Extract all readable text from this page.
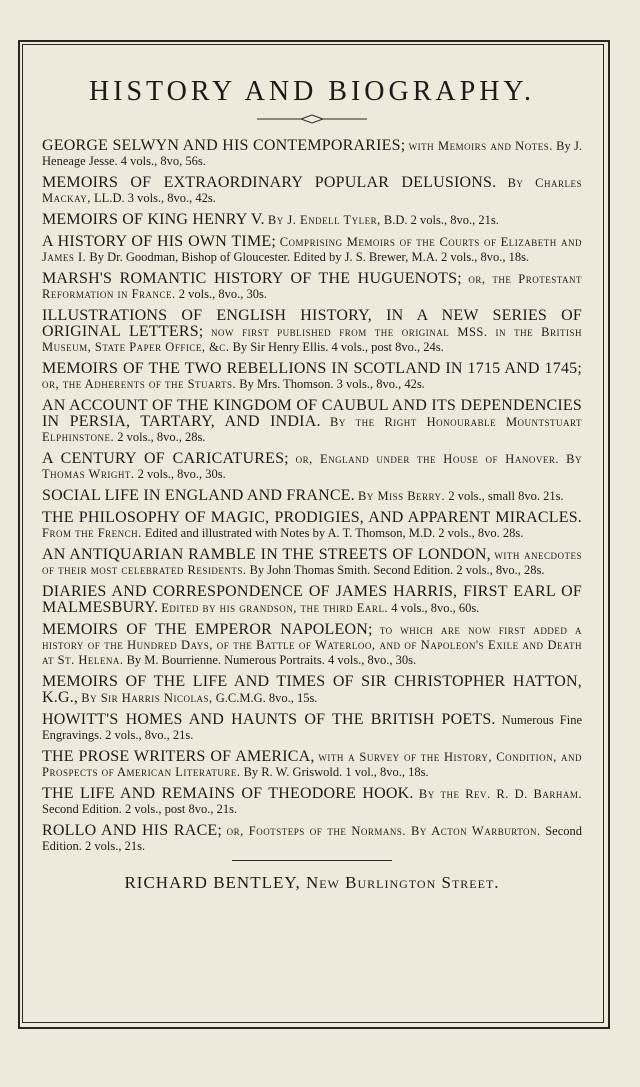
HISTORY AND BIOGRAPHY.

GEORGE SELWYN AND HIS CONTEMPORARIES; with Memoirs and Notes. By J. Heneage Jesse. 4 vols., 8vo, 56s.

MEMOIRS OF EXTRAORDINARY POPULAR DELUSIONS. By Charles Mackay, LL.D. 3 vols., 8vo., 42s.

MEMOIRS OF KING HENRY V. By J. Endell Tyler, B.D. 2 vols., 8vo., 21s.

A HISTORY OF HIS OWN TIME; Comprising Memoirs of the Courts of Elizabeth and James I. By Dr. Goodman, Bishop of Gloucester. Edited by J. S. Brewer, M.A. 2 vols., 8vo., 18s.

MARSH'S ROMANTIC HISTORY OF THE HUGUENOTS; or, the Protestant Reformation in France. 2 vols., 8vo., 30s.

ILLUSTRATIONS OF ENGLISH HISTORY, IN A NEW SERIES OF ORIGINAL LETTERS; now first published from the original MSS. in the British Museum, State Paper Office, &c. By Sir Henry Ellis. 4 vols., post 8vo., 24s.

MEMOIRS OF THE TWO REBELLIONS IN SCOTLAND IN 1715 AND 1745; or, the Adherents of the Stuarts. By Mrs. Thomson. 3 vols., 8vo., 42s.

AN ACCOUNT OF THE KINGDOM OF CAUBUL AND ITS DEPENDENCIES IN PERSIA, TARTARY, AND INDIA. By the Right Honourable Mountstuart Elphinstone. 2 vols., 8vo., 28s.

A CENTURY OF CARICATURES; or, England under the House of Hanover. By Thomas Wright. 2 vols., 8vo., 30s.

SOCIAL LIFE IN ENGLAND AND FRANCE. By Miss Berry. 2 vols., small 8vo. 21s.

THE PHILOSOPHY OF MAGIC, PRODIGIES, AND APPARENT MIRACLES. From the French. Edited and illustrated with Notes by A. T. Thomson, M.D. 2 vols., 8vo. 28s.

AN ANTIQUARIAN RAMBLE IN THE STREETS OF LONDON, with anecdotes of their most celebrated Residents. By John Thomas Smith. Second Edition. 2 vols., 8vo., 28s.

DIARIES AND CORRESPONDENCE OF JAMES HARRIS, FIRST EARL OF MALMESBURY. Edited by his grandson, the third Earl. 4 vols., 8vo., 60s.

MEMOIRS OF THE EMPEROR NAPOLEON; to which are now first added a history of the Hundred Days, of the Battle of Waterloo, and of Napoleon's Exile and Death at St. Helena. By M. Bourrienne. Numerous Portraits. 4 vols., 8vo., 30s.

MEMOIRS OF THE LIFE AND TIMES OF SIR CHRISTOPHER HATTON, K.G., By Sir Harris Nicolas, G.C.M.G. 8vo., 15s.

HOWITT'S HOMES AND HAUNTS OF THE BRITISH POETS. Numerous Fine Engravings. 2 vols., 8vo., 21s.

THE PROSE WRITERS OF AMERICA, with a Survey of the History, Condition, and Prospects of American Literature. By R. W. Griswold. 1 vol., 8vo., 18s.

THE LIFE AND REMAINS OF THEODORE HOOK. By the Rev. R. D. Barham. Second Edition. 2 vols., post 8vo., 21s.

ROLLO AND HIS RACE; or, Footsteps of the Normans. By Acton Warburton. Second Edition. 2 vols., 21s.

RICHARD BENTLEY, New Burlington Street.
